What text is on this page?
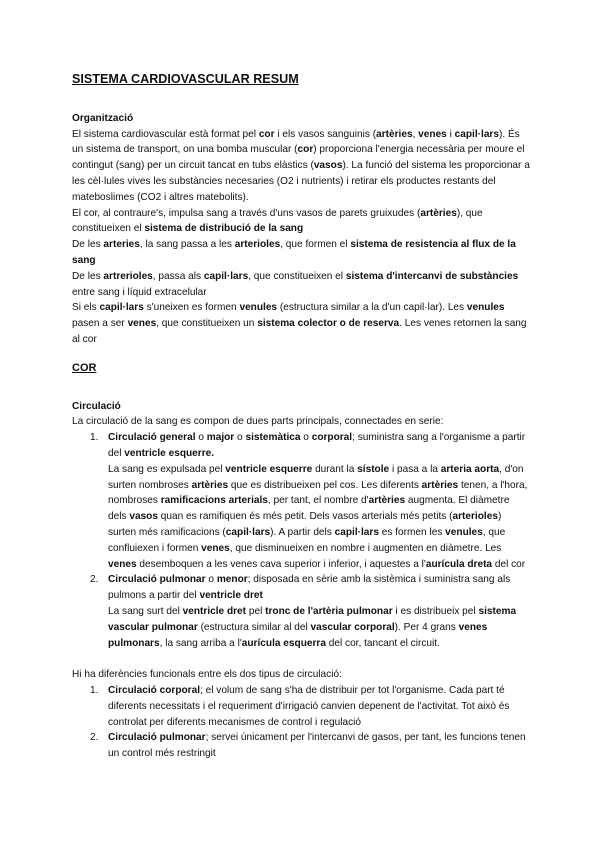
SISTEMA CARDIOVASCULAR RESUM
Organització

El sistema cardiovascular està format pel cor i els vasos sanguinis (artèries, venes i capil·lars). És un sistema de transport, on una bomba muscular (cor) proporciona l'energia necessària per moure el contingut (sang) per un circuit tancat en tubs elàstics (vasos). La funció del sistema les proporcionar a les cèl·lules vives les substàncies necesaries (O2 i nutrients) i retirar els productes restants del mateboslimes (CO2 i altres matebolits).

El cor, al contraure's, impulsa sang a través d'uns vasos de parets gruixudes (artèries), que constitueixen el sistema de distribució de la sang

De les arteries, la sang passa a les arterioles, que formen el sistema de resistencia al flux de la sang

De les artrerioles, passa als capil·lars, que constitueixen el sistema d'intercanvi de substàncies entre sang i líquid extracelular

Si els capil·lars s'uneixen es formen venules (estructura similar a la d'un capil·lar). Les venules pasen a ser venes, que constitueixen un sistema colector o de reserva. Les venes retornen la sang al cor

COR
Circulació

La circulació de la sang es compon de dues parts principals, connectades en serie:

1. Circulació general o major o sistemàtica o corporal; suministra sang a l'organisme a partir del ventricle esquerre.

La sang es expulsada pel ventricle esquerre durant la sístole i pasa a la arteria aorta, d'on surten nombroses artèries que es distribueixen pel cos. Les diferents artèries tenen, a l'hora, nombroses ramificacions arterials, per tant, el nombre d'artèries augmenta. El diàmetre dels vasos quan es ramifiquen és més petit. Dels vasos arterials més petits (arterioles) surten més ramificacions (capil·lars). A partir dels capil·lars es formen les venules, que confluiexen i formen venes, que disminueixen en nombre i augmenten en diàmetre. Les venes desemboquen a les venes cava superior i inferior, i aquestes a l'aurícula dreta del cor

2. Circulació pulmonar o menor; disposada en sèrie amb la sistèmica i suministra sang als pulmons a partir del ventricle dret

La sang surt del ventricle dret pel tronc de l'artèria pulmonar i es distribueix pel sistema vascular pulmonar (estructura similar al del vascular corporal). Per 4 grans venes pulmonars, la sang arriba a l'aurícula esquerra del cor, tancant el circuit.

Hi ha diferències funcionals entre els dos tipus de circulació:

1. Circulació corporal; el volum de sang s'ha de distribuir per tot l'organisme. Cada part té diferents necessitats i el requeriment d'irrigació canvien depenent de l'activitat. Tot això és controlat per diferents mecanismes de control i regulació

2. Circulació pulmonar; servei únicament per l'intercanvi de gasos, per tant, les funcions tenen un control més restringit
